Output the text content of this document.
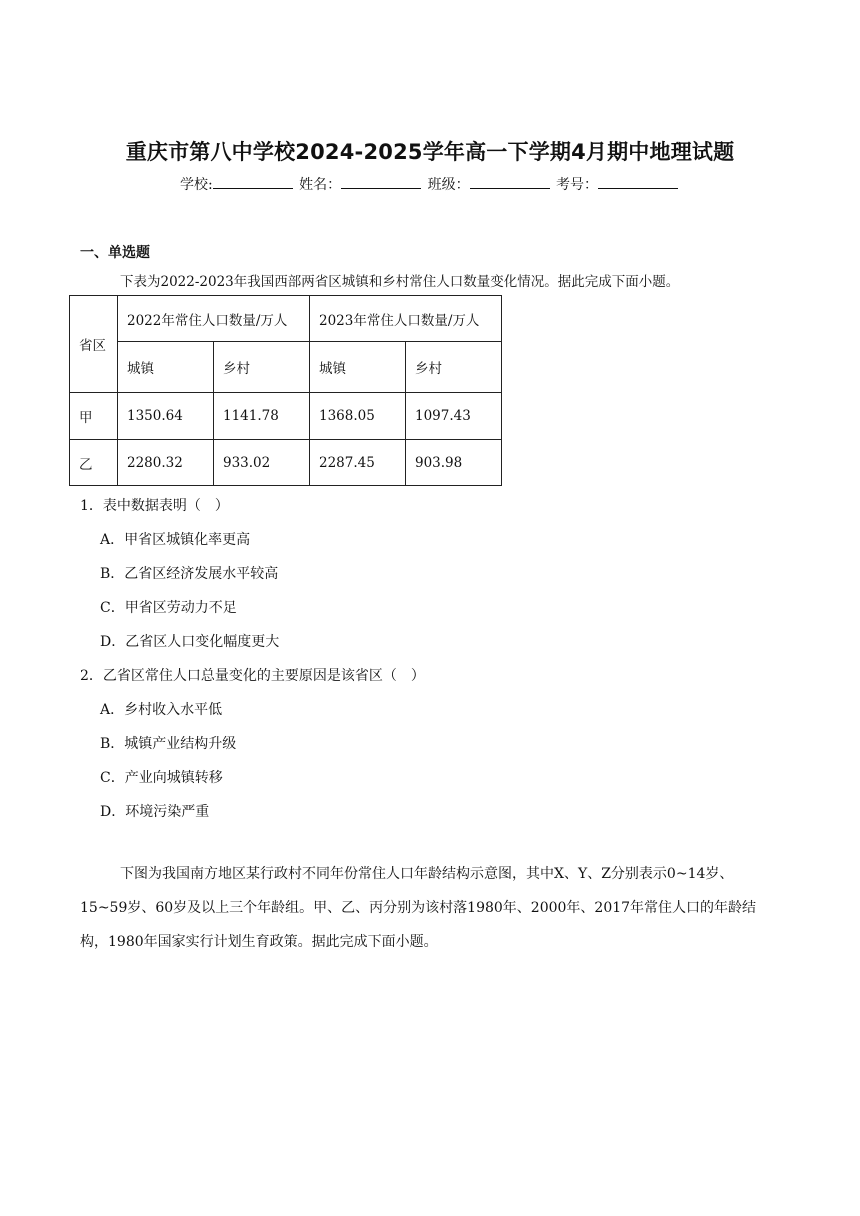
重庆市第八中学校2024-2025学年高一下学期4月期中地理试题
学校:	姓名：	班级：	考号：
一、单选题
下表为2022-2023年我国西部两省区城镇和乡村常住人口数量变化情况。据此完成下面小题。
省区	2022年常住人口数量/万人		2023年常住人口数量/万人	
	城镇	乡村	城镇	乡村
甲	1350.64	1141.78	1368.05	1097.43
乙	2280.32	933.02	2287.45	903.98
1．表中数据表明（　）
A．甲省区城镇化率更高
B．乙省区经济发展水平较高
C．甲省区劳动力不足
D．乙省区人口变化幅度更大
2．乙省区常住人口总量变化的主要原因是该省区（　）
A．乡村收入水平低
B．城镇产业结构升级
C．产业向城镇转移
D．环境污染严重
下图为我国南方地区某行政村不同年份常住人口年龄结构示意图，其中X、Y、Z分别表示0~14岁、15~59岁、60岁及以上三个年龄组。甲、乙、丙分别为该村落1980年、2000年、2017年常住人口的年龄结构，1980年国家实行计划生育政策。据此完成下面小题。
